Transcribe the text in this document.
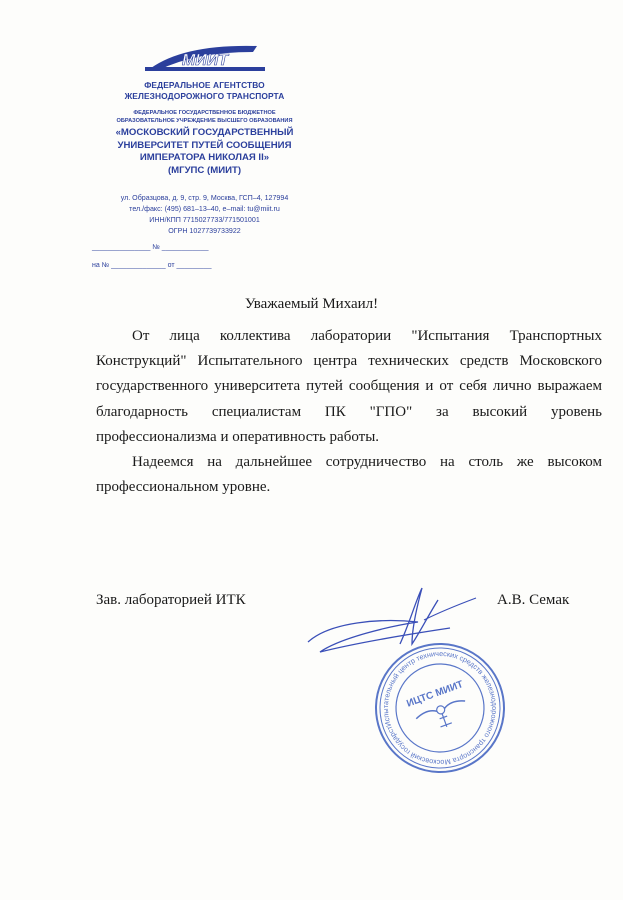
МИИТ
ФЕДЕРАЛЬНОЕ АГЕНТСТВО
ЖЕЛЕЗНОДОРОЖНОГО ТРАНСПОРТА
ФЕДЕРАЛЬНОЕ ГОСУДАРСТВЕННОЕ БЮДЖЕТНОЕ
ОБРАЗОВАТЕЛЬНОЕ УЧРЕЖДЕНИЕ ВЫСШЕГО ОБРАЗОВАНИЯ
«МОСКОВСКИЙ ГОСУДАРСТВЕННЫЙ
УНИВЕРСИТЕТ ПУТЕЙ СООБЩЕНИЯ
ИМПЕРАТОРА НИКОЛАЯ II»
(МГУПС (МИИТ)
ул. Образцова, д. 9, стр. 9, Москва, ГСП–4, 127994
тел./факс: (495) 681–13–40, e–mail: tu@miit.ru
ИНН/КПП 7715027733/771501001
ОГРН 1027739733922
_______________ № ____________
на № ______________ от _________
Уважаемый Михаил!

От лица коллектива лаборатории "Испытания Транспортных Конструкций" Испытательного центра технических средств Московского государственного университета путей сообщения и от себя лично выражаем благодарность специалистам ПК "ГПО" за высокий уровень профессионализма и оперативность работы.

Надеемся на дальнейшее сотрудничество на столь же высоком профессиональном уровне.

Зав. лабораторией ИТК	А.В. Семак
Испытательный центр технических средств железнодорожного транспорта Московский государственный
ИЦТС МИИТ
